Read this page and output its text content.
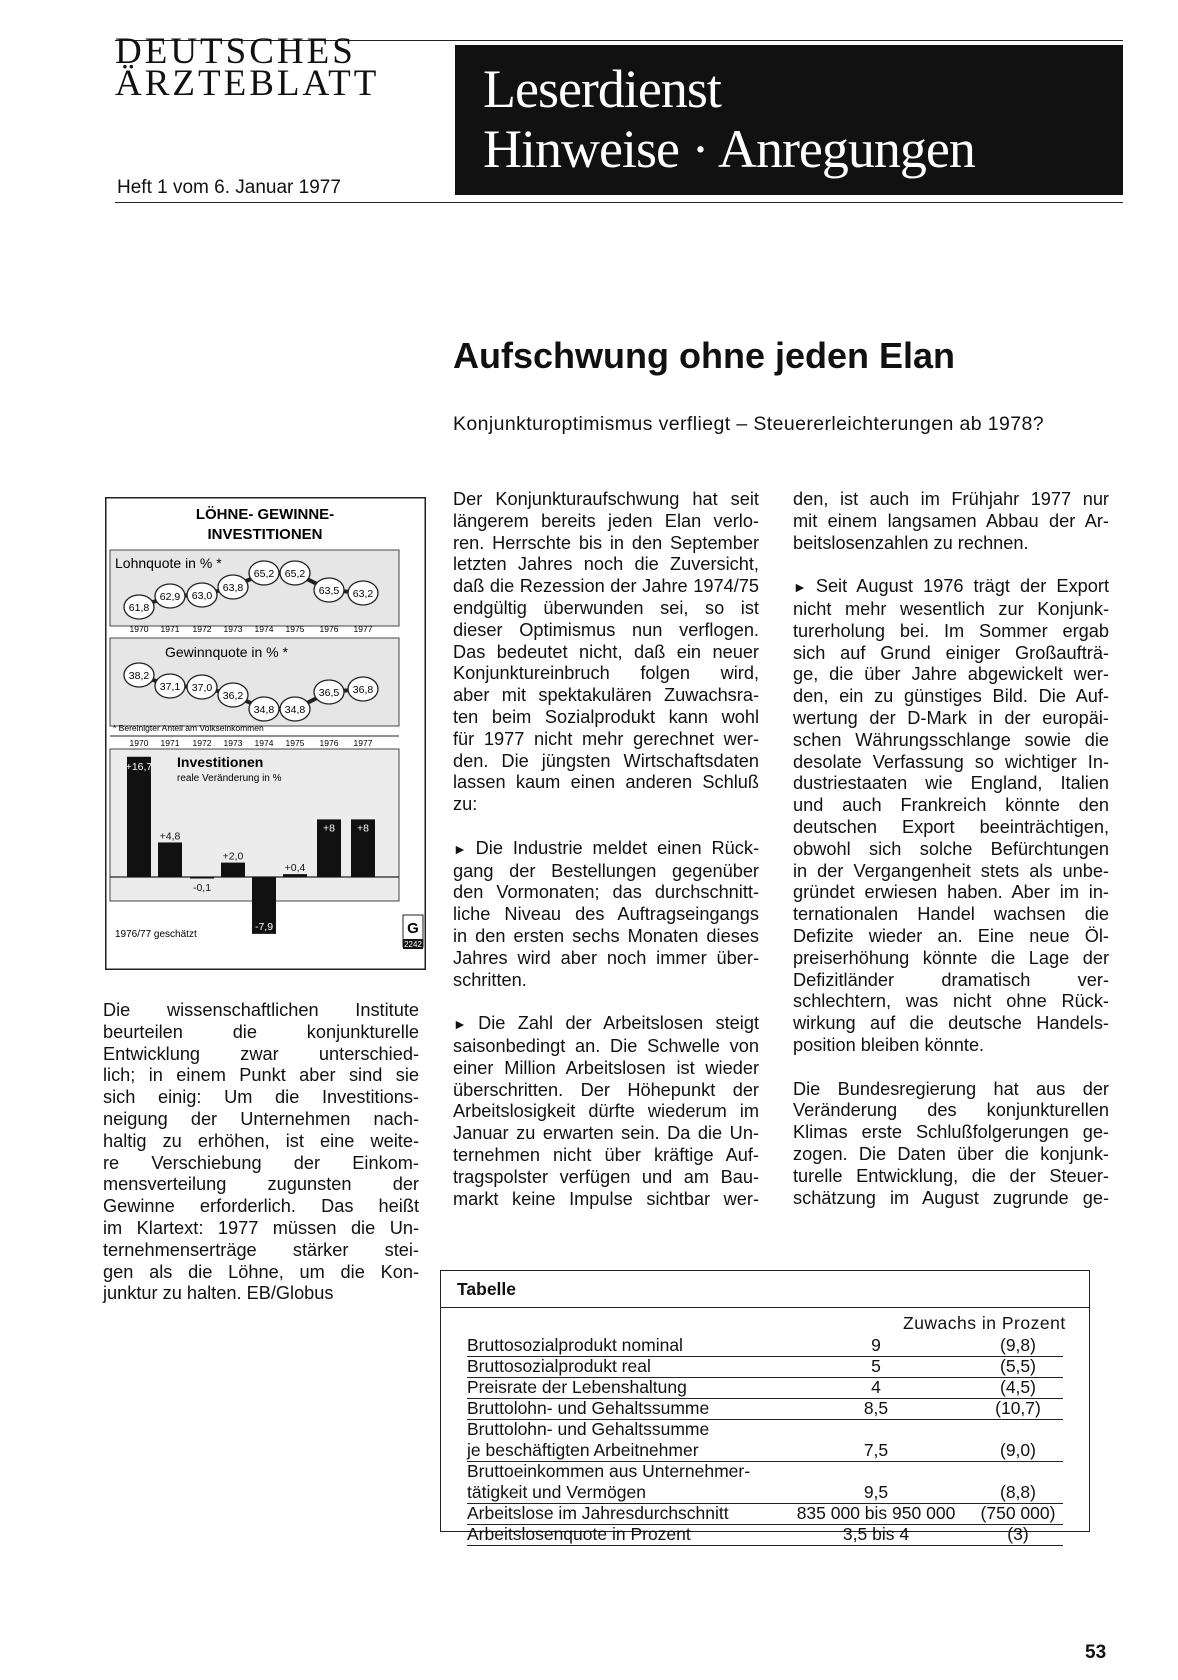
DEUTSCHES
ÄRZTEBLATT
Heft 1 vom 6. Januar 1977
Leserdienst
Hinweise · Anregungen
Aufschwung ohne jeden Elan
Konjunkturoptimismus verfliegt – Steuererleichterungen ab 1978?
LÖHNE- GEWINNE-
INVESTITIONEN
Lohnquote in % *
61,8
62,9 63,0
63,8
65,2 65,2
63,5 63,2
1970 1971 1972 1973 1974 1975 1976 1977
Gewinnquote in % *
38,2
37,1 37,0
36,2
34,8 34,8
36,5 36,8
* Bereinigter Anteil am Volkseinkommen
1970 1971 1972 1973 1974 1975 1976 1977
Investitionen
reale Veränderung in %
+16,7
+4,8
-0,1
+2,0
-7,9
+0,4
+8 +8
1976/77 geschätzt	G
2242
Die wissenschaftlichen Institute
beurteilen die konjunkturelle
Entwicklung zwar unterschied-
lich; in einem Punkt aber sind sie
sich einig: Um die Investitions-
neigung der Unternehmen nach-
haltig zu erhöhen, ist eine weite-
re Verschiebung der Einkom-
mensverteilung zugunsten der
Gewinne erforderlich. Das heißt
im Klartext: 1977 müssen die Un-
ternehmenserträge stärker stei-
gen als die Löhne, um die Kon-
junktur zu halten. EB/Globus
Der Konjunkturaufschwung hat seit
längerem bereits jeden Elan verlo-
ren. Herrschte bis in den September
letzten Jahres noch die Zuversicht,
daß die Rezession der Jahre 1974/75
endgültig überwunden sei, so ist
dieser Optimismus nun verflogen.
Das bedeutet nicht, daß ein neuer
Konjunktureinbruch folgen wird,
aber mit spektakulären Zuwachsra-
ten beim Sozialprodukt kann wohl
für 1977 nicht mehr gerechnet wer-
den. Die jüngsten Wirtschaftsdaten
lassen kaum einen anderen Schluß
zu:
► Die Industrie meldet einen Rück-
gang der Bestellungen gegenüber
den Vormonaten; das durchschnitt-
liche Niveau des Auftragseingangs
in den ersten sechs Monaten dieses
Jahres wird aber noch immer über-
schritten.
► Die Zahl der Arbeitslosen steigt
saisonbedingt an. Die Schwelle von
einer Million Arbeitslosen ist wieder
überschritten. Der Höhepunkt der
Arbeitslosigkeit dürfte wiederum im
Januar zu erwarten sein. Da die Un-
ternehmen nicht über kräftige Auf-
tragspolster verfügen und am Bau-
markt keine Impulse sichtbar wer-
den, ist auch im Frühjahr 1977 nur
mit einem langsamen Abbau der Ar-
beitslosenzahlen zu rechnen.
► Seit August 1976 trägt der Export
nicht mehr wesentlich zur Konjunk-
turerholung bei. Im Sommer ergab
sich auf Grund einiger Großaufträ-
ge, die über Jahre abgewickelt wer-
den, ein zu günstiges Bild. Die Auf-
wertung der D-Mark in der europäi-
schen Währungsschlange sowie die
desolate Verfassung so wichtiger In-
dustriestaaten wie England, Italien
und auch Frankreich könnte den
deutschen Export beeinträchtigen,
obwohl sich solche Befürchtungen
in der Vergangenheit stets als unbe-
gründet erwiesen haben. Aber im in-
ternationalen Handel wachsen die
Defizite wieder an. Eine neue Öl-
preiserhöhung könnte die Lage der
Defizitländer dramatisch ver-
schlechtern, was nicht ohne Rück-
wirkung auf die deutsche Handels-
position bleiben könnte.
Die Bundesregierung hat aus der
Veränderung des konjunkturellen
Klimas erste Schlußfolgerungen ge-
zogen. Die Daten über die konjunk-
turelle Entwicklung, die der Steuer-
schätzung im August zugrunde ge-
Tabelle
Zuwachs in Prozent
Bruttosozialprodukt nominal	9	(9,8)
Bruttosozialprodukt real	5	(5,5)
Preisrate der Lebenshaltung	4	(4,5)
Bruttolohn- und Gehaltssumme	8,5	(10,7)
Bruttolohn- und Gehaltssumme
je beschäftigten Arbeitnehmer	7,5	(9,0)
Bruttoeinkommen aus Unternehmer-
tätigkeit und Vermögen	9,5	(8,8)
Arbeitslose im Jahresdurchschnitt	835 000 bis 950 000	(750 000)
Arbeitslosenquote in Prozent	3,5 bis 4	(3)
53
